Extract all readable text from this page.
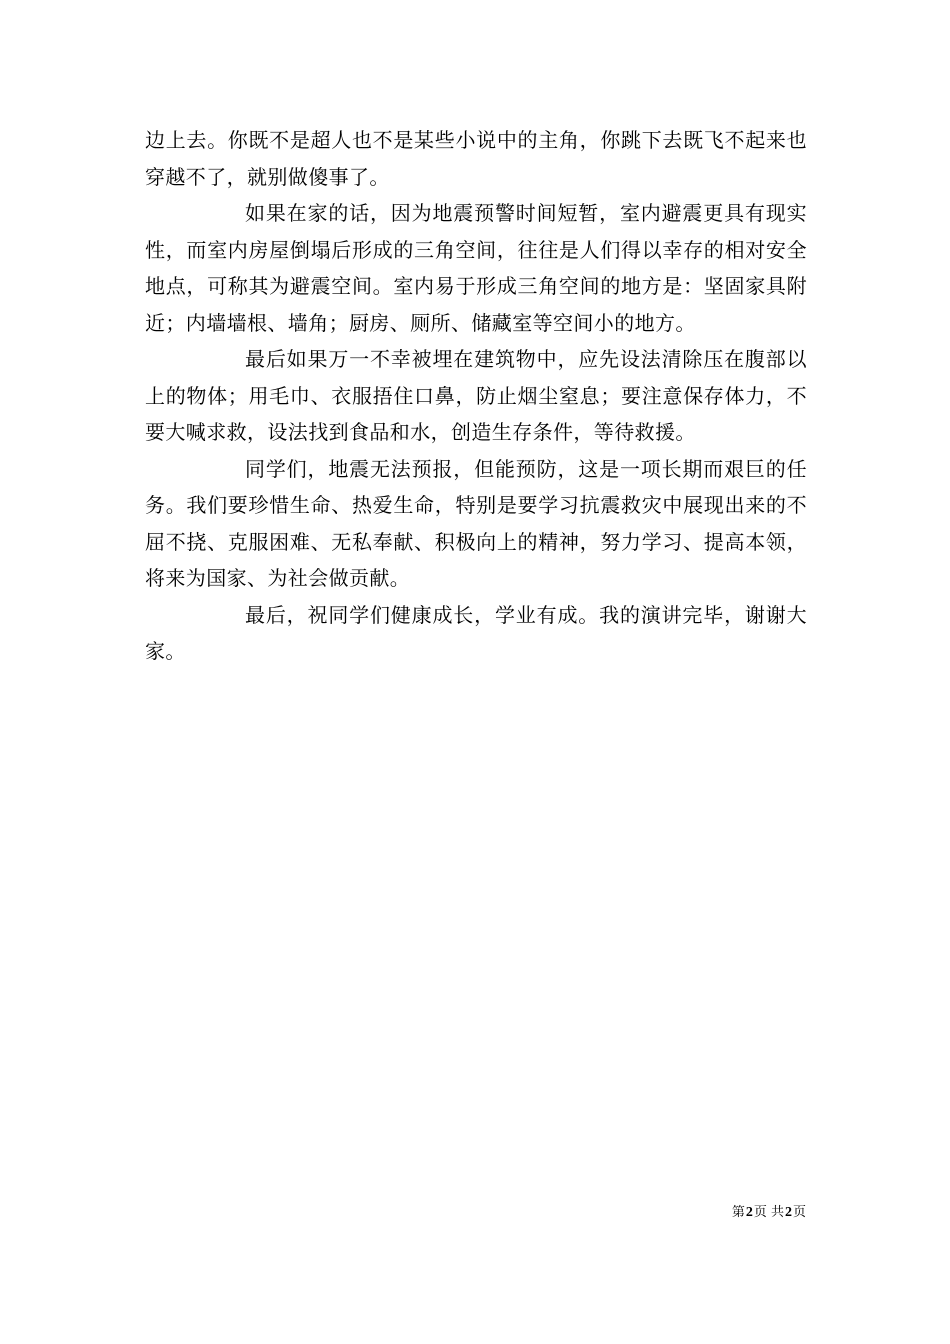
边上去。你既不是超人也不是某些小说中的主角，你跳下去既飞不起来也穿越不了，就别做傻事了。

如果在家的话，因为地震预警时间短暂，室内避震更具有现实性，而室内房屋倒塌后形成的三角空间，往往是人们得以幸存的相对安全地点，可称其为避震空间。室内易于形成三角空间的地方是：坚固家具附近；内墙墙根、墙角；厨房、厕所、储藏室等空间小的地方。

最后如果万一不幸被埋在建筑物中，应先设法清除压在腹部以上的物体；用毛巾、衣服捂住口鼻，防止烟尘窒息；要注意保存体力，不要大喊求救，设法找到食品和水，创造生存条件，等待救援。

同学们，地震无法预报，但能预防，这是一项长期而艰巨的任务。我们要珍惜生命、热爱生命，特别是要学习抗震救灾中展现出来的不屈不挠、克服困难、无私奉献、积极向上的精神，努力学习、提高本领，将来为国家、为社会做贡献。

最后，祝同学们健康成长，学业有成。我的演讲完毕，谢谢大家。

第2页 共2页
